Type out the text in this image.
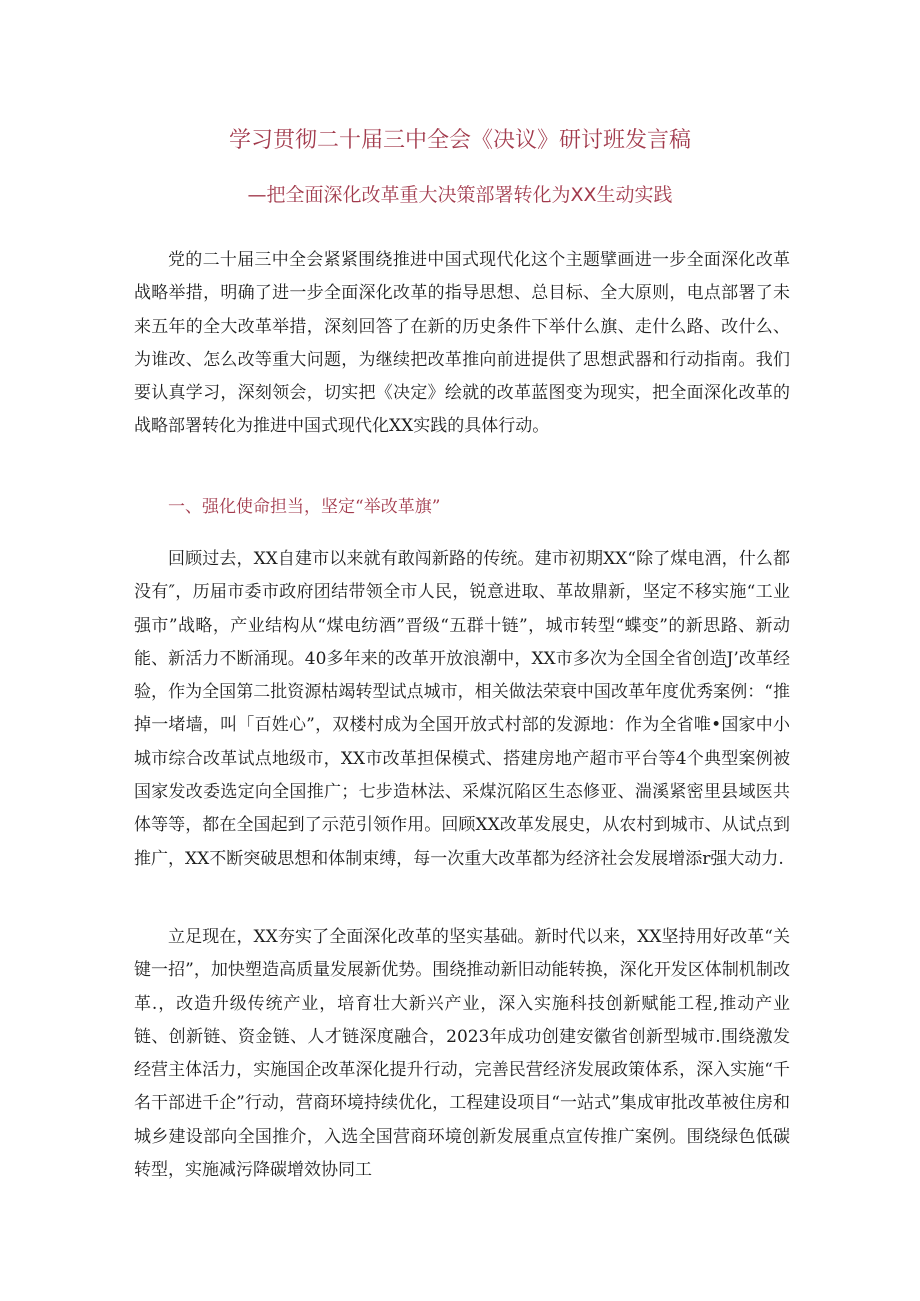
学习贯彻二十届三中全会《决议》研讨班发言稿
—把全面深化改革重大决策部署转化为XX生动实践

党的二十届三中全会紧紧围绕推进中国式现代化这个主题擘画进一步全面深化改革战略举措，明确了进一步全面深化改革的指导思想、总目标、全大原则，电点部署了未来五年的全大改革举措，深刻回答了在新的历史条件下举什么旗、走什么路、改什么、为谁改、怎么改等重大问题，为继续把改革推向前进提供了思想武器和行动指南。我们要认真学习，深刻领会，切实把《决定》绘就的改革蓝图变为现实，把全面深化改革的战略部署转化为推进中国式现代化XX实践的具体行动。

一、强化使命担当，坚定“举改革旗”

回顾过去，XX自建市以来就有敢闯新路的传统。建市初期XX“除了煤电酒，什么都没有″，历届市委市政府团结带领全市人民，锐意进取、革故鼎新，坚定不移实施“工业强市”战略，产业结构从“煤电纺酒”晋级“五群十链”，城市转型“蝶变”的新思路、新动能、新活力不断涌现。40多年来的改革开放浪潮中，XX市多次为全国全省创造J’改革经验，作为全国第二批资源枯竭转型试点城市，相关做法荣衰中国改革年度优秀案例：“推掉一堵墙，叫「百姓心”，双楼村成为全国开放式村部的发源地：作为全省唯•国家中小城市综合改革试点地级市，XX市改革担保模式、搭建房地产超市平台等4个典型案例被国家发改委选定向全国推广；七步造林法、采煤沉陷区生态修亚、湍溪紧密里县域医共体等等，都在全国起到了示范引领作用。回顾XX改革发展史，从农村到城市、从试点到推广，XX不断突破思想和体制束缚，每一次重大改革都为经济社会发展增添r强大动力.

立足现在，XX夯实了全面深化改革的坚实基础。新时代以来，XX坚持用好改革“关键一招”，加快塑造高质量发展新优势。围绕推动新旧动能转换，深化开发区体制机制改革.，改造升级传统产业，培育壮大新兴产业，深入实施科技创新赋能工程,推动产业链、创新链、资金链、人才链深度融合，2023年成功创建安徽省创新型城市.围绕激发经营主体活力，实施国企改革深化提升行动，完善民营经济发展政策体系，深入实施“千名干部进千企”行动，营商环境持续优化，工程建设项目“一站式”集成审批改革被住房和城乡建设部向全国推介，入选全国营商环境创新发展重点宣传推广案例。围绕绿色低碳转型，实施减污降碳增效协同工
